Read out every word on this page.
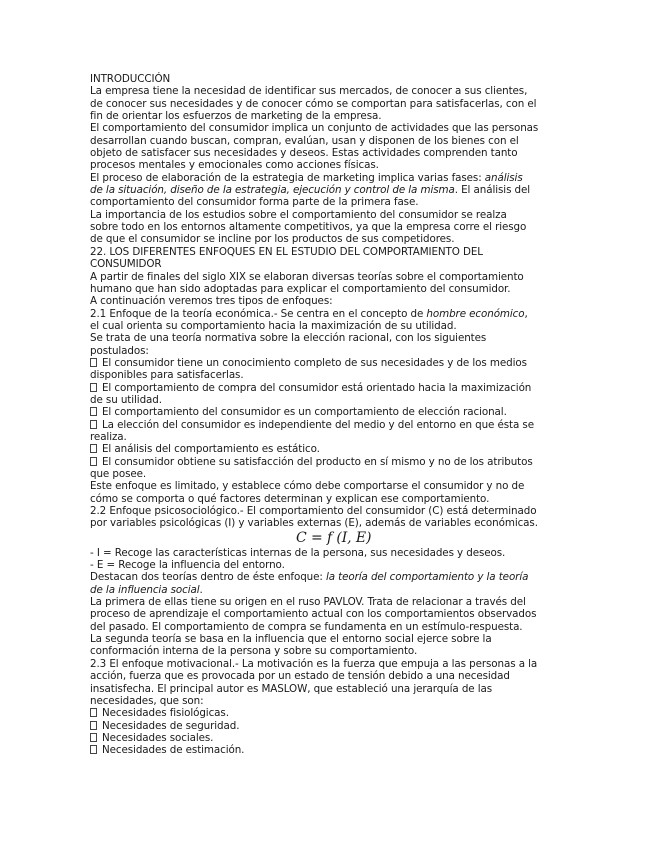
INTRODUCCIÓN

La empresa tiene la necesidad de identificar sus mercados, de conocer a sus clientes,
de conocer sus necesidades y de conocer cómo se comportan para satisfacerlas, con el
fin de orientar los esfuerzos de marketing de la empresa.

El comportamiento del consumidor implica un conjunto de actividades que las personas
desarrollan cuando buscan, compran, evalúan, usan y disponen de los bienes con el
objeto de satisfacer sus necesidades y deseos. Estas actividades comprenden tanto
procesos mentales y emocionales como acciones físicas.

El proceso de elaboración de la estrategia de marketing implica varias fases: análisis
de la situación, diseño de la estrategia, ejecución y control de la misma. El análisis del
comportamiento del consumidor forma parte de la primera fase.

La importancia de los estudios sobre el comportamiento del consumidor se realza
sobre todo en los entornos altamente competitivos, ya que la empresa corre el riesgo
de que el consumidor se incline por los productos de sus competidores.

22. LOS DIFERENTES ENFOQUES EN EL ESTUDIO DEL COMPORTAMIENTO DEL
CONSUMIDOR

A partir de finales del siglo XIX se elaboran diversas teorías sobre el comportamiento
humano que han sido adoptadas para explicar el comportamiento del consumidor.

A continuación veremos tres tipos de enfoques:

2.1 Enfoque de la teoría económica.- Se centra en el concepto de hombre económico,
el cual orienta su comportamiento hacia la maximización de su utilidad.

Se trata de una teoría normativa sobre la elección racional, con los siguientes
postulados:

El consumidor tiene un conocimiento completo de sus necesidades y de los medios
disponibles para satisfacerlas.

El comportamiento de compra del consumidor está orientado hacia la maximización
de su utilidad.

El comportamiento del consumidor es un comportamiento de elección racional.

La elección del consumidor es independiente del medio y del entorno en que ésta se
realiza.

El análisis del comportamiento es estático.

El consumidor obtiene su satisfacción del producto en sí mismo y no de los atributos
que posee.

Este enfoque es limitado, y establece cómo debe comportarse el consumidor y no de
cómo se comporta o qué factores determinan y explican ese comportamiento.

2.2 Enfoque psicosociológico.- El comportamiento del consumidor (C) está determinado
por variables psicológicas (I) y variables externas (E), además de variables económicas.

C = f (I, E)

- I = Recoge las características internas de la persona, sus necesidades y deseos.

- E = Recoge la influencia del entorno.

Destacan dos teorías dentro de éste enfoque: la teoría del comportamiento y la teoría
de la influencia social.

La primera de ellas tiene su origen en el ruso PAVLOV. Trata de relacionar a través del
proceso de aprendizaje el comportamiento actual con los comportamientos observados
del pasado. El comportamiento de compra se fundamenta en un estímulo-respuesta.

La segunda teoría se basa en la influencia que el entorno social ejerce sobre la
conformación interna de la persona y sobre su comportamiento.

2.3 El enfoque motivacional.- La motivación es la fuerza que empuja a las personas a la
acción, fuerza que es provocada por un estado de tensión debido a una necesidad
insatisfecha. El principal autor es MASLOW, que estableció una jerarquía de las
necesidades, que son:

Necesidades fisiológicas.

Necesidades de seguridad.

Necesidades sociales.

Necesidades de estimación.
